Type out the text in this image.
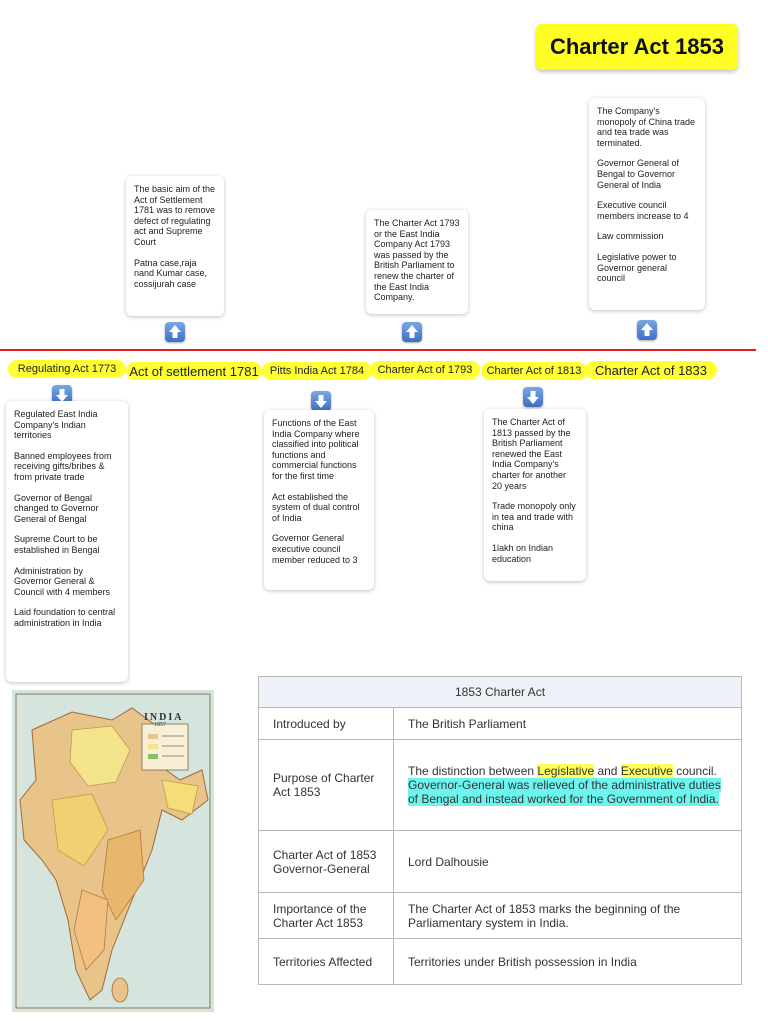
Charter Act 1853

The basic aim of the Act of Settlement 1781 was to remove defect of regulating act and Supreme Court

Patna case,raja nand Kumar case, cossijurah case

The Charter Act 1793 or the East India Company Act 1793 was passed by the British Parliament to renew the charter of the East India Company.

The Company's monopoly of China trade and tea trade was terminated.

Governor General of Bengal to Governor General of India

Executive council members increase to 4

Law commission

Legislative power to Governor general council

Regulating Act 1773	Act of settlement 1781	Pitts India Act 1784	Charter Act of 1793	Charter Act of 1813	Charter Act of 1833

Regulated East India Company's Indian territories

Banned employees from receiving gifts/bribes & from private trade

Governor of Bengal changed to Governor General of Bengal

Supreme Court to be established in Bengal

Administration by Governor General & Council with 4 members

Laid foundation to central administration in India

Functions of the East India Company where classified into political functions and commercial functions for the first time

Act established the system of dual control of India

Governor General executive council member reduced to 3

The Charter Act of 1813 passed by the British Parliament renewed the East India Company's charter for another 20 years

Trade monopoly only in tea and trade with china

1lakh on Indian education

INDIA
1857
1853 Charter Act	
Introduced by	The British Parliament
Purpose of Charter Act 1853	The distinction between Legislative and Executive council.
Governor-General was relieved of the administrative duties of Bengal and instead worked for the Government of India.
Charter Act of 1853 Governor-General	Lord Dalhousie
Importance of the Charter Act 1853	The Charter Act of 1853 marks the beginning of the Parliamentary system in India.
Territories Affected	Territories under British possession in India
